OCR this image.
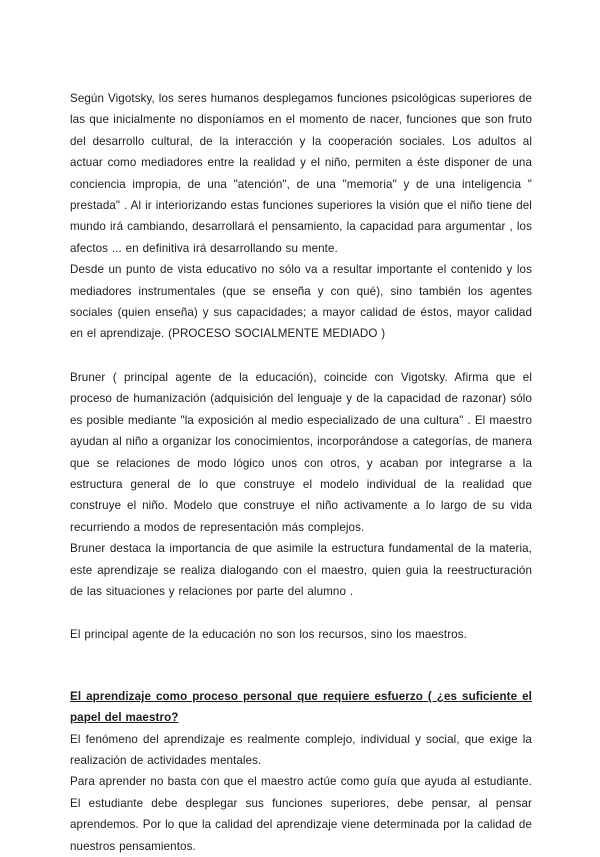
Según Vigotsky, los seres humanos desplegamos funciones psicológicas superiores de las que inicialmente no disponíamos en el momento de nacer, funciones que son fruto del desarrollo cultural, de la interacción y la cooperación sociales. Los adultos al actuar como mediadores entre la realidad y el niño, permiten a éste disponer de una conciencia impropia, de una "atención", de una "memoria" y de una inteligencia " prestada" . Al ir interiorizando estas funciones superiores la visión que el niño tiene del mundo irá cambiando, desarrollará el pensamiento, la capacidad para argumentar , los afectos ... en definitiva irá desarrollando su mente.

Desde un punto de vista educativo no sólo va a resultar importante el contenido y los mediadores instrumentales (que se enseña y con qué), sino también los agentes sociales (quien enseña) y sus capacidades; a mayor calidad de éstos, mayor calidad en el aprendizaje. (PROCESO SOCIALMENTE MEDIADO )

Bruner ( principal agente de la educación), coincide con Vigotsky. Afirma que el proceso de humanización (adquisición del lenguaje y de la capacidad de razonar) sólo es posible mediante "la exposición al medio especializado de una cultura" . El maestro ayudan al niño a organizar los conocimientos, incorporándose a categorías, de manera que se relaciones de modo lógico unos con otros, y acaban por integrarse a la estructura general de lo que construye el modelo individual de la realidad que construye el niño. Modelo que construye el niño activamente a lo largo de su vida recurriendo a modos de representación más complejos.

Bruner destaca la importancia de que asimile la estructura fundamental de la materia, este aprendizaje se realiza dialogando con el maestro, quien guia la reestructuración de las situaciones y relaciones por parte del alumno .

El principal agente de la educación no son los recursos, sino los maestros.

El aprendizaje como proceso personal que requiere esfuerzo ( ¿es suficiente el papel del maestro?

El fenómeno del aprendizaje es realmente complejo, individual y social, que exige la realización de actividades mentales.

Para aprender no basta con que el maestro actúe como guía que ayuda al estudiante. El estudiante debe desplegar sus funciones superiores, debe pensar, al pensar aprendemos. Por lo que la calidad del aprendizaje viene determinada por la calidad de nuestros pensamientos.
